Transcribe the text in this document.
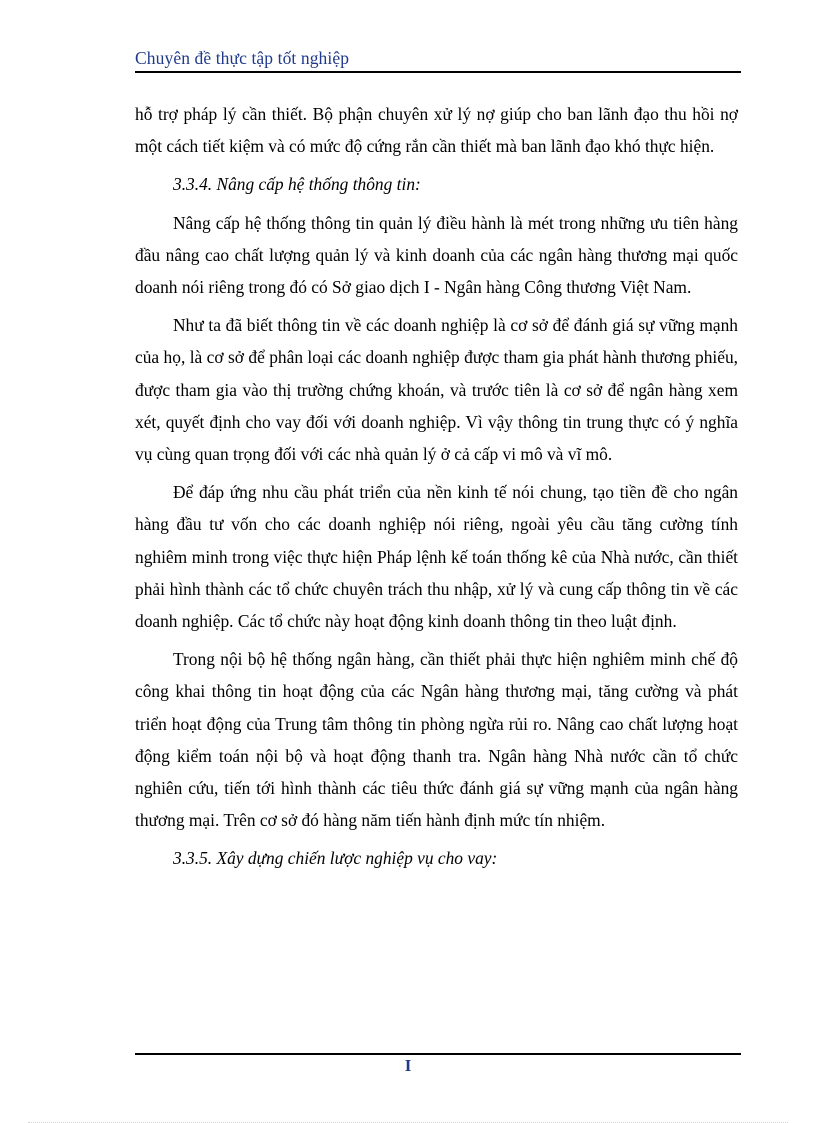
Chuyên đề thực tập tốt nghiệp

hỗ trợ pháp lý cần thiết. Bộ phận chuyên xử lý nợ giúp cho ban lãnh đạo thu hồi nợ một cách tiết kiệm và có mức độ cứng rắn cần thiết mà ban lãnh đạo khó thực hiện.

3.3.4. Nâng cấp hệ thống thông tin:

Nâng cấp hệ thống thông tin quản lý điều hành là mét trong những ưu tiên hàng đầu nâng cao chất lượng quản lý và kinh doanh của các ngân hàng thương mại quốc doanh nói riêng trong đó có Sở giao dịch I - Ngân hàng Công thương Việt Nam.

Như ta đã biết thông tin về các doanh nghiệp là cơ sở để đánh giá sự vững mạnh của họ, là cơ sở để phân loại các doanh nghiệp được tham gia phát hành thương phiếu, được tham gia vào thị trường chứng khoán, và trước tiên là cơ sở để ngân hàng xem xét, quyết định cho vay đối với doanh nghiệp. Vì vậy thông tin trung thực có ý nghĩa vụ cùng quan trọng đối với các nhà quản lý ở cả cấp vi mô và vĩ mô.

Để đáp ứng nhu cầu phát triển của nền kinh tế nói chung, tạo tiền đề cho ngân hàng đầu tư vốn cho các doanh nghiệp nói riêng, ngoài yêu cầu tăng cường tính nghiêm minh trong việc thực hiện Pháp lệnh kế toán thống kê của Nhà nước, cần thiết phải hình thành các tổ chức chuyên trách thu nhập, xử lý và cung cấp thông tin về các doanh nghiệp. Các tổ chức này hoạt động kinh doanh thông tin theo luật định.

Trong nội bộ hệ thống ngân hàng, cần thiết phải thực hiện nghiêm minh chế độ công khai thông tin hoạt động của các Ngân hàng thương mại, tăng cường và phát triển hoạt động của Trung tâm thông tin phòng ngừa rủi ro. Nâng cao chất lượng hoạt động kiểm toán nội bộ và hoạt động thanh tra. Ngân hàng Nhà nước cần tổ chức nghiên cứu, tiến tới hình thành các tiêu thức đánh giá sự vững mạnh của ngân hàng thương mại. Trên cơ sở đó hàng năm tiến hành định mức tín nhiệm.

3.3.5. Xây dựng chiến lược nghiệp vụ cho vay:

I
